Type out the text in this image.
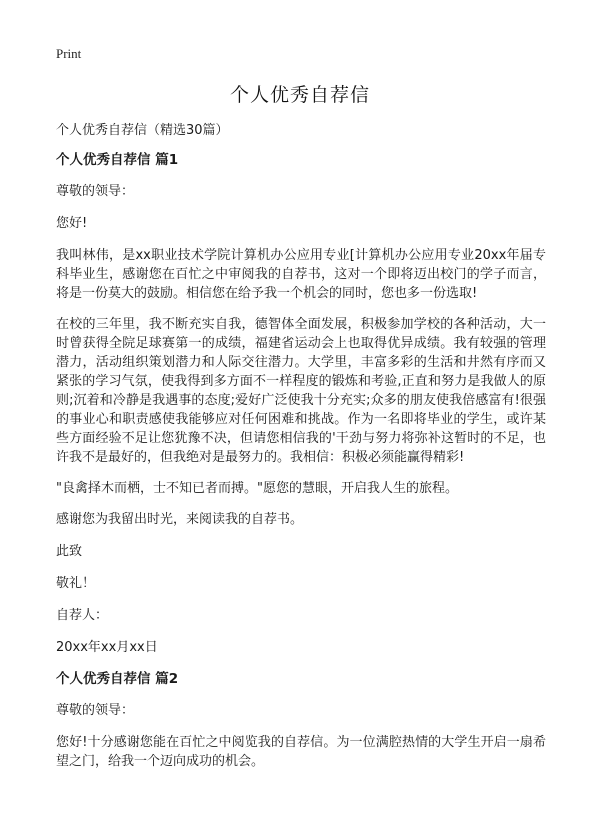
Print
个人优秀自荐信

个人优秀自荐信（精选30篇）

个人优秀自荐信 篇1

尊敬的领导：

您好!

我叫林伟，是xx职业技术学院计算机办公应用专业[计算机办公应用专业20xx年届专科毕业生，感谢您在百忙之中审阅我的自荐书，这对一个即将迈出校门的学子而言，将是一份莫大的鼓励。相信您在给予我一个机会的同时，您也多一份选取!

在校的三年里，我不断充实自我，德智体全面发展，积极参加学校的各种活动，大一时曾获得全院足球赛第一的成绩，福建省运动会上也取得优异成绩。我有较强的管理潜力，活动组织策划潜力和人际交往潜力。大学里，丰富多彩的生活和井然有序而又紧张的学习气氛，使我得到多方面不一样程度的锻炼和考验,正直和努力是我做人的原则;沉着和冷静是我遇事的态度;爱好广泛使我十分充实;众多的朋友使我倍感富有!很强的事业心和职责感使我能够应对任何困难和挑战。作为一名即将毕业的学生，或许某些方面经验不足让您犹豫不决，但请您相信我的'干劲与努力将弥补这暂时的不足，也许我不是最好的，但我绝对是最努力的。我相信：积极必须能赢得精彩!

"良禽择木而栖，士不知已者而搏。"愿您的慧眼，开启我人生的旅程。

感谢您为我留出时光，来阅读我的自荐书。

此致

敬礼！

自荐人：

20xx年xx月xx日

个人优秀自荐信 篇2

尊敬的领导：

您好!十分感谢您能在百忙之中阅览我的自荐信。为一位满腔热情的大学生开启一扇希望之门，给我一个迈向成功的机会。
